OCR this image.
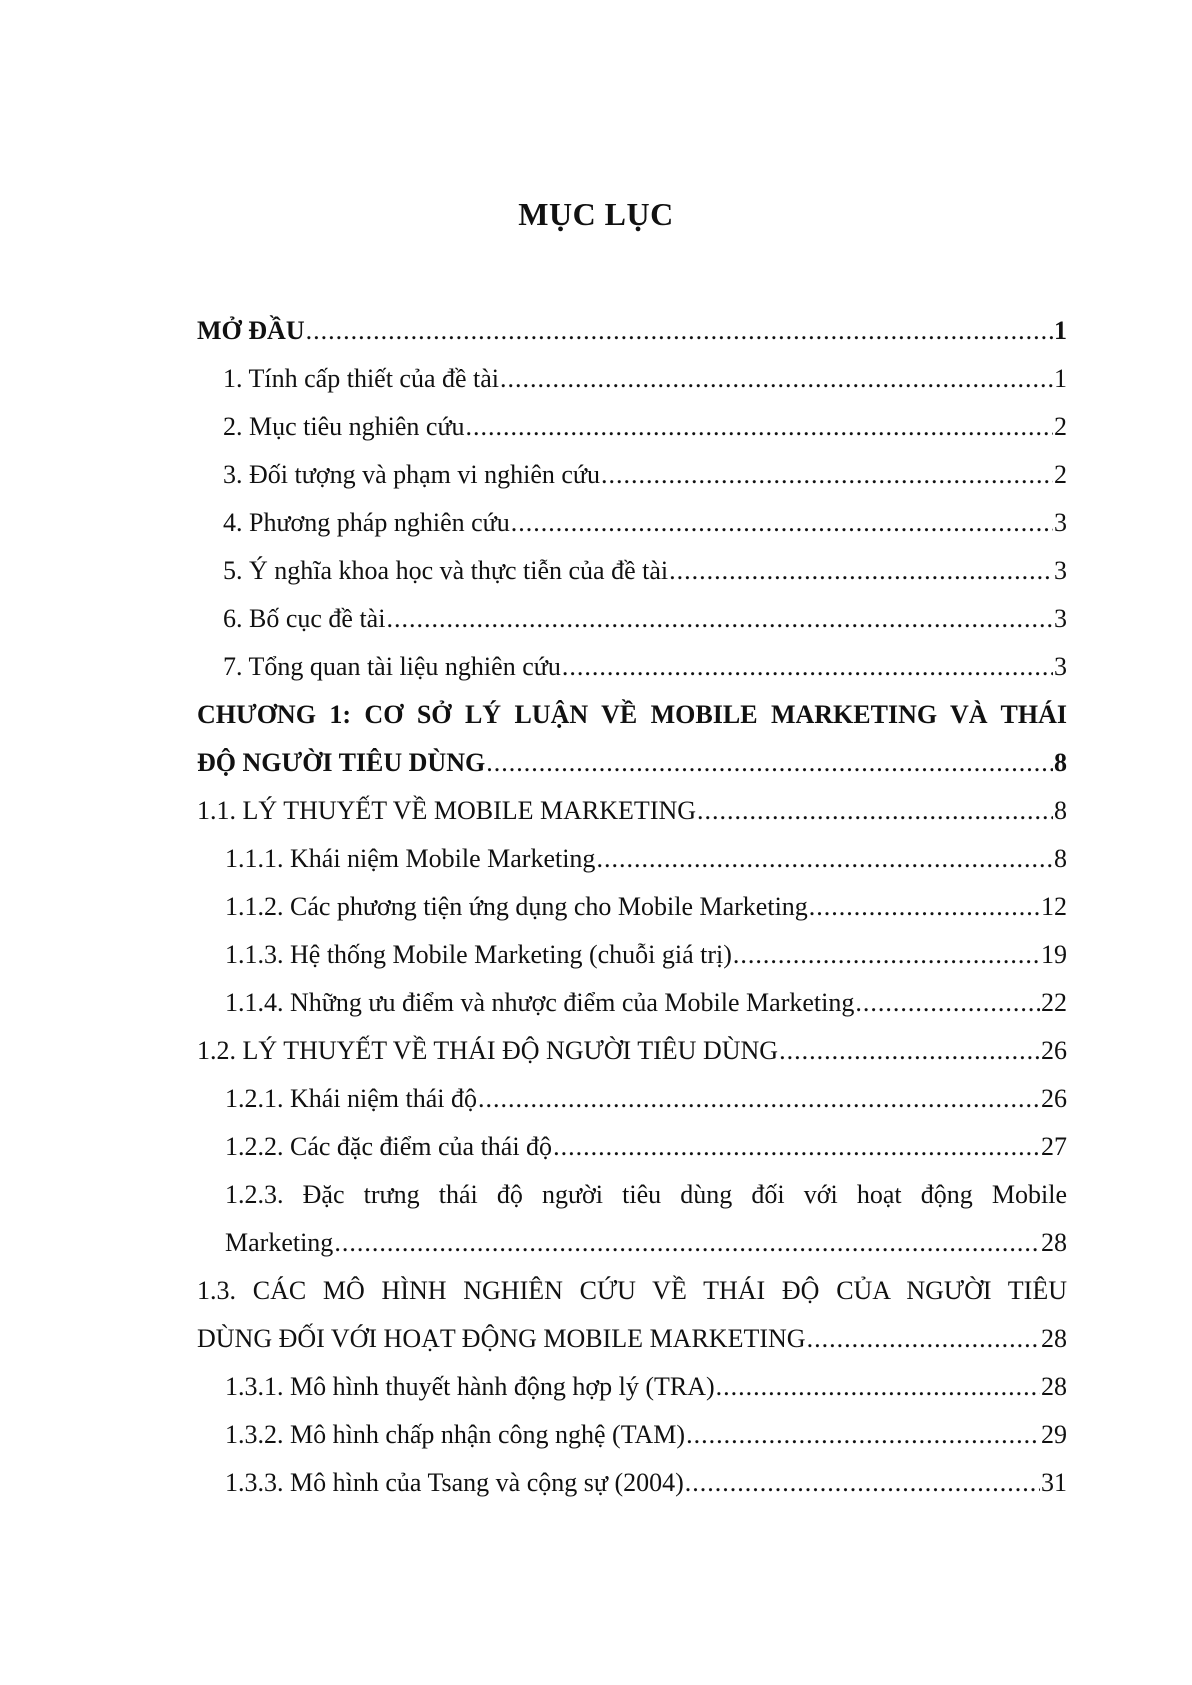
MỤC LỤC
MỞ ĐẦU .....	1
1. Tính cấp thiết của đề tài .....	1
2. Mục tiêu nghiên cứu .....	2
3. Đối tượng và phạm vi nghiên cứu .....	2
4. Phương pháp nghiên cứu .....	3
5. Ý nghĩa khoa học và thực tiễn của đề tài .....	3
6. Bố cục đề tài .....	3
7. Tổng quan tài liệu nghiên cứu .....	3
CHƯƠNG 1: CƠ SỞ LÝ LUẬN VỀ MOBILE MARKETING VÀ THÁI
ĐỘ NGƯỜI TIÊU DÙNG .....	8
1.1. LÝ THUYẾT VỀ MOBILE MARKETING .....	8
1.1.1. Khái niệm Mobile Marketing .....	8
1.1.2. Các phương tiện ứng dụng cho Mobile Marketing .....	12
1.1.3. Hệ thống Mobile Marketing (chuỗi giá trị) .....	19
1.1.4. Những ưu điểm và nhược điểm của Mobile Marketing .....	22
1.2. LÝ THUYẾT VỀ THÁI ĐỘ NGƯỜI TIÊU DÙNG .....	26
1.2.1. Khái niệm thái độ .....	26
1.2.2. Các đặc điểm của thái độ .....	27
1.2.3. Đặc trưng thái độ người tiêu dùng đối với hoạt động Mobile
Marketing .....	28
1.3. CÁC MÔ HÌNH NGHIÊN CỨU VỀ THÁI ĐỘ CỦA NGƯỜI TIÊU
DÙNG ĐỐI VỚI HOẠT ĐỘNG MOBILE MARKETING .....	28
1.3.1. Mô hình thuyết hành động hợp lý (TRA) .....	28
1.3.2. Mô hình chấp nhận công nghệ (TAM) .....	29
1.3.3. Mô hình của Tsang và cộng sự (2004) .....	31
